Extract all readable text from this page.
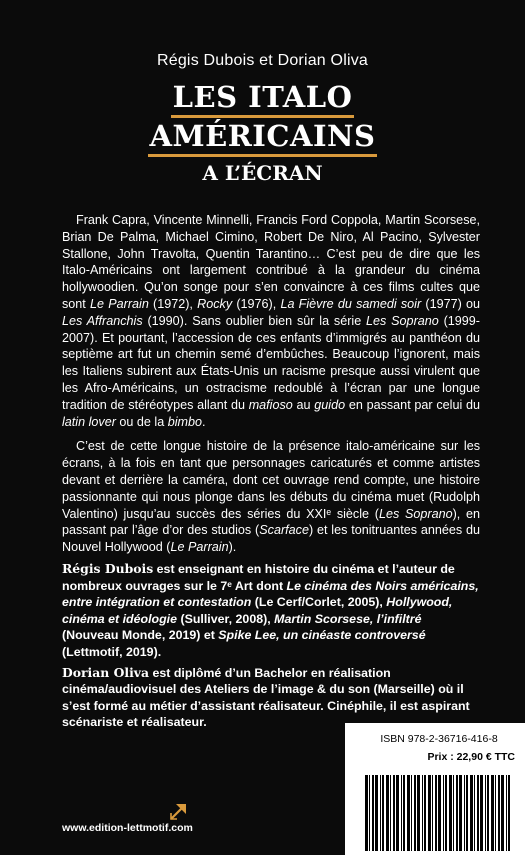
Régis Dubois et Dorian Oliva
LES ITALO
AMÉRICAINS
A L’ÉCRAN

Frank Capra, Vincente Minnelli, Francis Ford Coppola, Martin Scorsese, Brian De Palma, Michael Cimino, Robert De Niro, Al Pacino, Sylvester Stallone, John Travolta, Quentin Tarantino… C’est peu de dire que les Italo-Américains ont largement contribué à la grandeur du cinéma hollywoodien. Qu’on songe pour s’en convaincre à ces films cultes que sont Le Parrain (1972), Rocky (1976), La Fièvre du samedi soir (1977) ou Les Affranchis (1990). Sans oublier bien sûr la série Les Soprano (1999-2007). Et pourtant, l’accession de ces enfants d’immigrés au panthéon du septième art fut un chemin semé d’embûches. Beaucoup l’ignorent, mais les Italiens subirent aux États-Unis un racisme presque aussi virulent que les Afro-Américains, un ostracisme redoublé à l’écran par une longue tradition de stéréotypes allant du mafioso au guido en passant par celui du latin lover ou de la bimbo.

C’est de cette longue histoire de la présence italo-américaine sur les écrans, à la fois en tant que personnages caricaturés et comme artistes devant et derrière la caméra, dont cet ouvrage rend compte, une histoire passionnante qui nous plonge dans les débuts du cinéma muet (Rudolph Valentino) jusqu’au succès des séries du XXIᵉ siècle (Les Soprano), en passant par l’âge d’or des studios (Scarface) et les tonitruantes années du Nouvel Hollywood (Le Parrain).

Régis Dubois est enseignant en histoire du cinéma et l’auteur de nombreux ouvrages sur le 7ᵉ Art dont Le cinéma des Noirs américains, entre intégration et contestation (Le Cerf/Corlet, 2005), Hollywood, cinéma et idéologie (Sulliver, 2008), Martin Scorsese, l’infiltré (Nouveau Monde, 2019) et Spike Lee, un cinéaste controversé (Lettmotif, 2019).

Dorian Oliva est diplômé d’un Bachelor en réalisation cinéma/audiovisuel des Ateliers de l’image & du son (Marseille) où il s’est formé au métier d’assistant réalisateur. Cinéphile, il est aspirant scénariste et réalisateur.

ISBN 978-2-36716-416-8
Prix : 22,90 € TTC
www.edition-lettmotif.com
